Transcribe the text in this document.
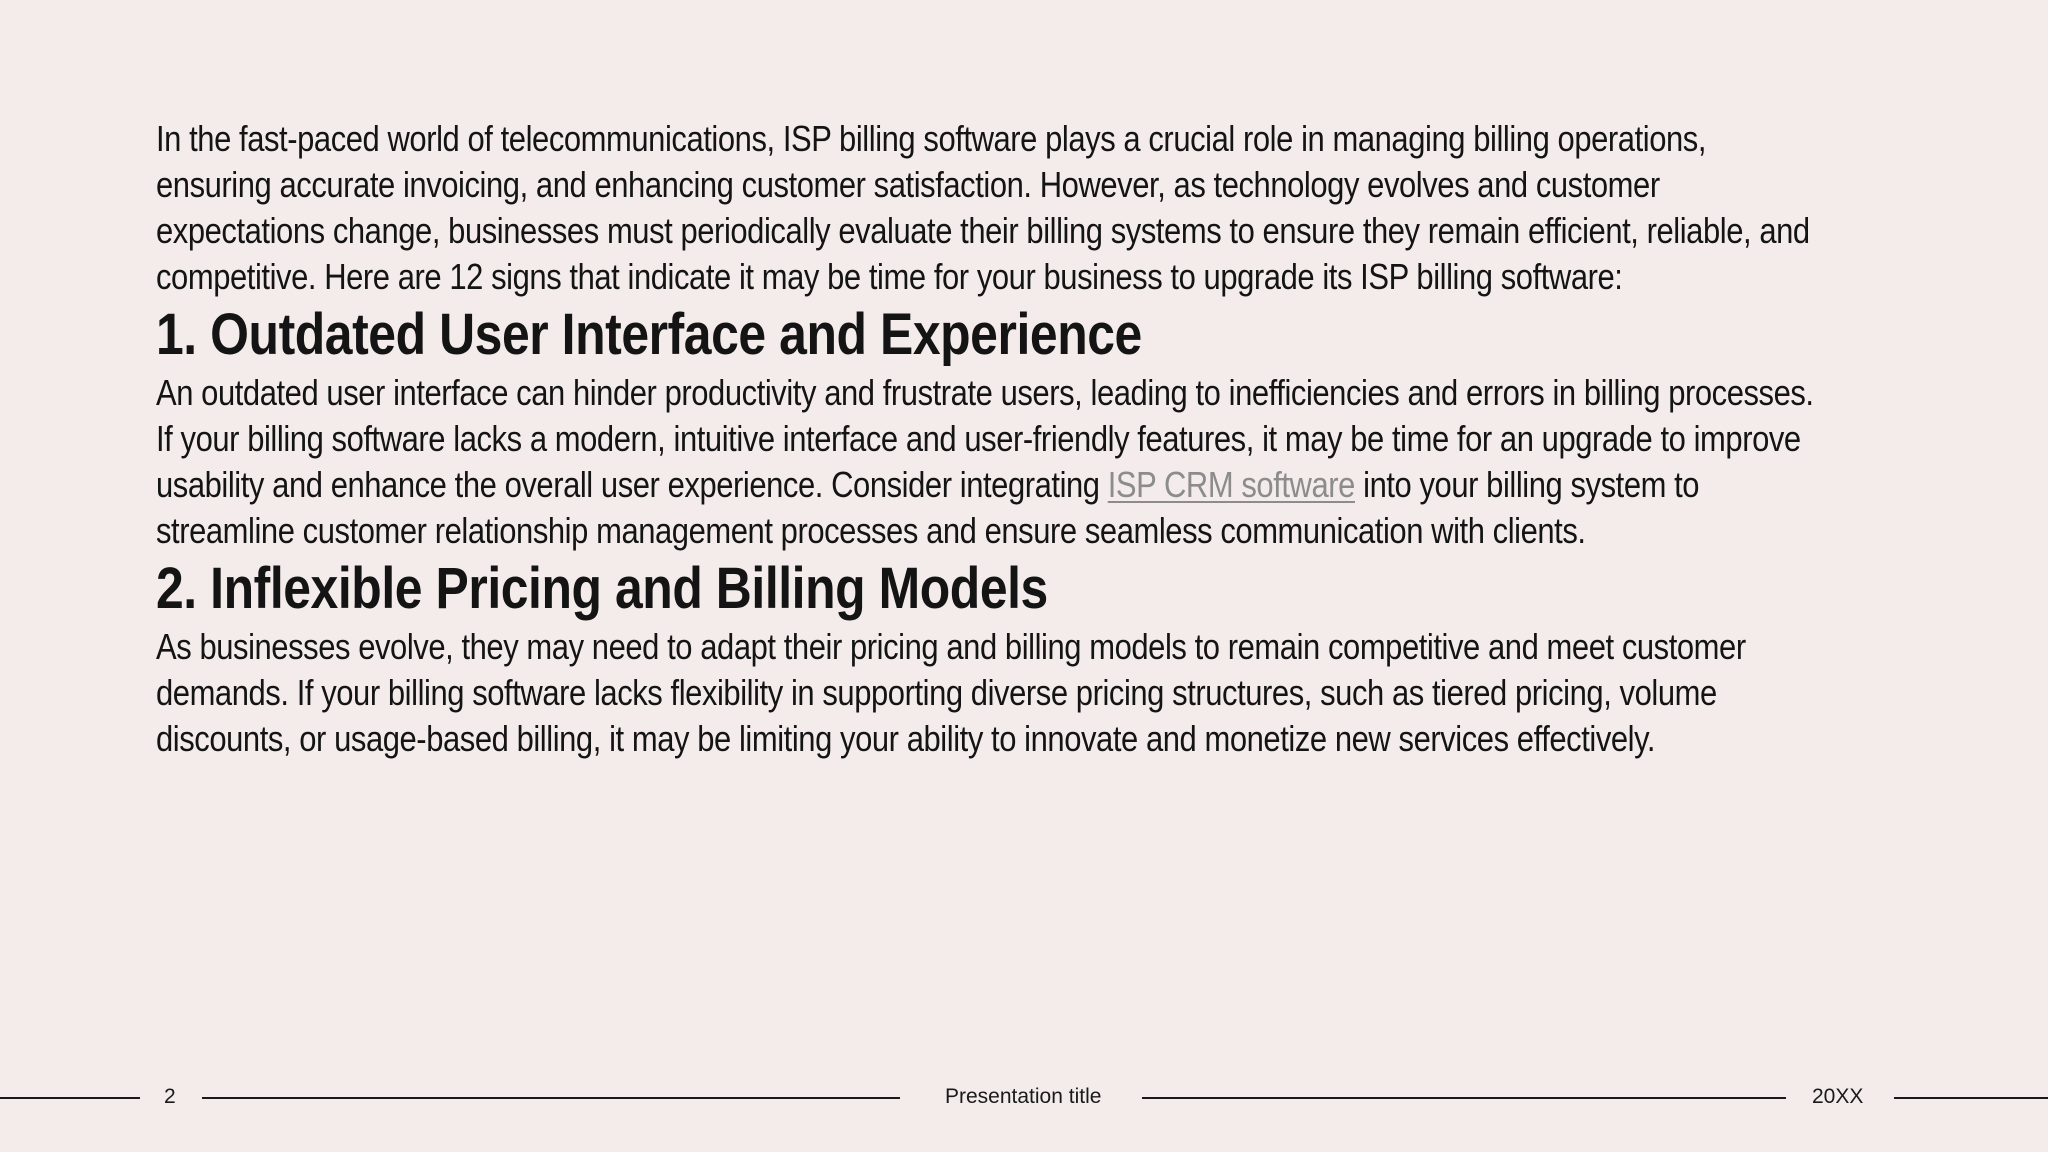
In the fast-paced world of telecommunications, ISP billing software plays a crucial role in managing billing operations, ensuring accurate invoicing, and enhancing customer satisfaction. However, as technology evolves and customer expectations change, businesses must periodically evaluate their billing systems to ensure they remain efficient, reliable, and competitive. Here are 12 signs that indicate it may be time for your business to upgrade its ISP billing software:

1. Outdated User Interface and Experience

An outdated user interface can hinder productivity and frustrate users, leading to inefficiencies and errors in billing processes. If your billing software lacks a modern, intuitive interface and user-friendly features, it may be time for an upgrade to improve usability and enhance the overall user experience. Consider integrating ISP CRM software into your billing system to streamline customer relationship management processes and ensure seamless communication with clients.

2. Inflexible Pricing and Billing Models

As businesses evolve, they may need to adapt their pricing and billing models to remain competitive and meet customer demands. If your billing software lacks flexibility in supporting diverse pricing structures, such as tiered pricing, volume discounts, or usage-based billing, it may be limiting your ability to innovate and monetize new services effectively.

2	Presentation title	20XX
